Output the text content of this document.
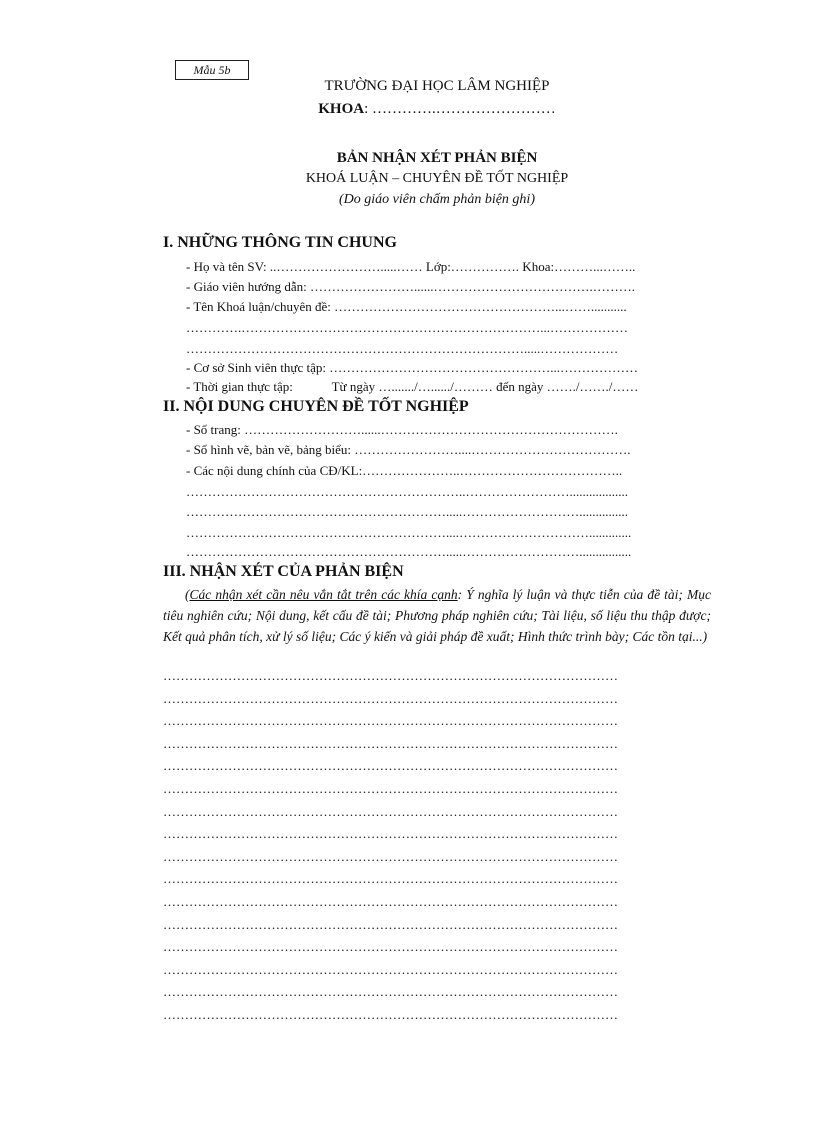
Mẫu 5b
TRƯỜNG ĐẠI HỌC LÂM NGHIỆP
KHOA: ………….……………………
BẢN NHẬN XÉT PHẢN BIỆN
KHOÁ LUẬN – CHUYÊN ĐỀ TỐT NGHIỆP
(Do giáo viên chấm phản biện ghi)
I. NHỮNG THÔNG TIN CHUNG
- Họ và tên SV: ..…………………….....…… Lớp:……………. Khoa:………...……..
- Giáo viên hướng dẫn: ……………………......……………………………….……….
- Tên Khoá luận/chuyên đề: ……………………………………………...……...........
………….……………………………………………………………...………………
…………………………………………………………………….....………………
- Cơ sở Sinh viên thực tập: ……………………………………………...………………
- Thời gian thực tập:            Từ ngày …......./…....../……… đến ngày ……./……./……
II. NỘI DUNG CHUYÊN ĐỀ TỐT NGHIỆP
- Số trang: ………………………......……………………………………………….
- Số hình vẽ, bản vẽ, bảng biểu: ……………………....……………………………….
- Các nội dung chính của CĐ/KL:…………………..………………………………..
………………………………………………………..……………………..................
…………………………………………………….....………………………...............
……………………………………………………....………………………….............
…………………………………………………….....………………………................
III. NHẬN XÉT CỦA PHẢN BIỆN
(Các nhận xét cần nêu vắn tắt trên các khía cạnh: Ý nghĩa lý luận và thực tiễn của đề tài; Mục tiêu nghiên cứu; Nội dung, kết cấu đề tài; Phương pháp nghiên cứu; Tài liệu, số liệu thu thập được; Kết quả phân tích, xử lý số liệu; Các ý kiến và giải pháp đề xuất; Hình thức trình bày; Các tồn tại...)
……………………………………………………………………………………………
……………………………………………………………………………………………
……………………………………………………………………………………………
……………………………………………………………………………………………
……………………………………………………………………………………………
……………………………………………………………………………………………
……………………………………………………………………………………………
……………………………………………………………………………………………
……………………………………………………………………………………………
……………………………………………………………………………………………
……………………………………………………………………………………………
……………………………………………………………………………………………
……………………………………………………………………………………………
……………………………………………………………………………………………
……………………………………………………………………………………………
……………………………………………………………………………………………
